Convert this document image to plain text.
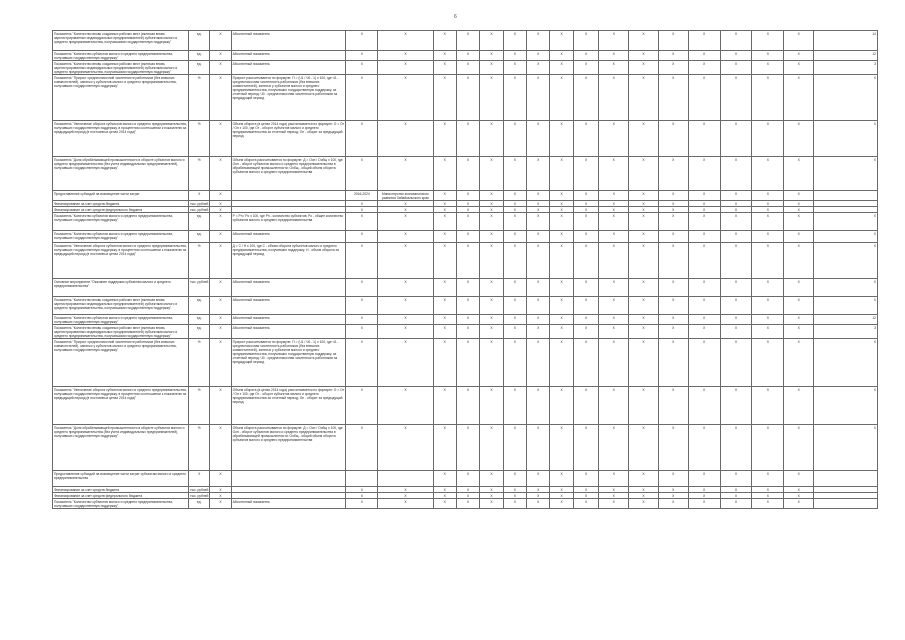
6
Показатель "Количество вновь созданных рабочих мест (включая вновь зарегистрированных индивидуальных предпринимателей) субъектами малого и среднего предпринимательства, получившими государственную поддержку"	ед.	X	Абсолютный показатель	X	X	X	X	X	X	X	X	X	X	X	X	X	X	X	X	14
Показатель "Количество субъектов малого и среднего предпринимательства, получивших государственную поддержку"	ед.	X	Абсолютный показатель	X	X	X	X	X	X	X	X	X	X	X	X	X	X	X	X	12
Показатель "Количество вновь созданных рабочих мест (включая вновь зарегистрированных индивидуальных предпринимателей) субъектами малого и среднего предпринимательства, получившими государственную поддержку"	ед.	X	Абсолютный показатель	X	X	X	X	X	X	X	X	X	X	X	X	X	X	X	X	3
Показатель "Прирост среднесписочной численности работников (без внешних совместителей), занятых у субъектов малого и среднего предпринимательства, получивших государственную поддержку"	%	X	Прирост рассчитывается по формуле: П = (Ч1 / Ч0 - 1) x 100, где Ч1 - среднесписочная численность работников (без внешних совместителей), занятых у субъектов малого и среднего предпринимательства, получивших государственную поддержку, за отчетный период; Ч0 - среднесписочная численность работников за предыдущий период	X	X	X	X	X	X	X	X	X	X	X	X	X	X	X	X	X
Показатель "Увеличение оборота субъектов малого и среднего предпринимательства, получивших государственную поддержку, в процентном соотношении к показателю за предыдущий период (в постоянных ценах 2014 года)"	%	X	Объем оборота (в ценах 2014 года) рассчитывается по формуле: О = Oт / Oп x 100, где Oт - оборот субъектов малого и среднего предпринимательства за отчетный период; Oп - оборот за предыдущий период	X	X	X	X	X	X	X	X	X	X	X	X	X	X	X	X	X
Показатель "Доля обрабатывающей промышленности в обороте субъектов малого и среднего предпринимательства (без учета индивидуальных предпринимателей), получивших государственную поддержку"	%	X	Объем оборота рассчитывается по формуле: Д = Oоп / Oобщ x 100, где Oоп - оборот субъектов малого и среднего предпринимательства в обрабатывающей промышленности; Oобщ - общий объем оборота субъектов малого и среднего предпринимательства	X	X	X	X	X	X	X	X	X	X	X	X	X	X	X	X	X
Предоставление субсидий на возмещение части затрат	X	X		2016-2024	Министерство экономического развития Забайкальского края	X	X	X	X	X	X	X	X	X	X	X	X	X	X	
Финансирование за счет средств бюджета	тыс. рублей	X		X	X	X	X	X	X	X	X	X	X	X	X	X	X	X	X	
Финансирование за счет средств федерального бюджета	тыс. рублей	X		X	X	X	X	X	X	X	X	X	X	X	X	X	X	X	X	
Показатель "Количество субъектов малого и среднего предпринимательства, получивших государственную поддержку"	ед.	X	Р = Рп / Ро x 100, где Рп - количество субъектов; Ро - общее количество субъектов малого и среднего предпринимательства	X	X	X	X	X	X	X	X	X	X	X	X	X	X	X	X	X
Показатель "Количество субъектов малого и среднего предпринимательства, получивших государственную поддержку"	ед.	X	Абсолютный показатель	X	X	X	X	X	X	X	X	X	X	X	X	X	X	X	X	X
Показатель "Увеличение оборота субъектов малого и среднего предпринимательства, получивших государственную поддержку, в процентном соотношении к показателю за предыдущий период (в постоянных ценах 2014 года)"	%	X	Д = С / Н x 100, где С - объем оборота субъектов малого и среднего предпринимательства, получивших поддержку; Н - объем оборота за предыдущий период	X	X	X	X	X	X	X	X	X	X	X	X	X	X	X	X	X
Основное мероприятие "Оказание поддержки субъектам малого и среднего предпринимательства"	тыс. рублей	X	Абсолютный показатель	X	X	X	X	X	X	X	X	X	X	X	X	X	X	X	X	X
Показатель "Количество вновь созданных рабочих мест (включая вновь зарегистрированных индивидуальных предпринимателей) субъектами малого и среднего предпринимательства, получившими государственную поддержку"	ед.	X	Абсолютный показатель	X	X	X	X	X	X	X	X	X	X	X	X	X	X	X	X	X
Показатель "Количество субъектов малого и среднего предпринимательства, получивших государственную поддержку"	ед.	X	Абсолютный показатель	X	X	X	X	X	X	X	X	X	X	X	X	X	X	X	X	12
Показатель "Количество вновь созданных рабочих мест (включая вновь зарегистрированных индивидуальных предпринимателей) субъектами малого и среднего предпринимательства, получившими государственную поддержку"	ед.	X	Абсолютный показатель	X	X	X	X	X	X	X	X	X	X	X	X	X	X	X	X	3
Показатель "Прирост среднесписочной численности работников (без внешних совместителей), занятых у субъектов малого и среднего предпринимательства, получивших государственную поддержку"	%	X	Прирост рассчитывается по формуле: П = (Ч1 / Ч0 - 1) x 100, где Ч1 - среднесписочная численность работников (без внешних совместителей), занятых у субъектов малого и среднего предпринимательства, получивших государственную поддержку, за отчетный период; Ч0 - среднесписочная численность работников за предыдущий период	X	X	X	X	X	X	X	X	X	X	X	X	X	X	X	X	X
Показатель "Увеличение оборота субъектов малого и среднего предпринимательства, получивших государственную поддержку, в процентном соотношении к показателю за предыдущий период (в постоянных ценах 2014 года)"	%	X	Объем оборота (в ценах 2014 года) рассчитывается по формуле: О = Oт / Oп x 100, где Oт - оборот субъектов малого и среднего предпринимательства за отчетный период; Oп - оборот за предыдущий период	X	X	X	X	X	X	X	X	X	X	X	X	X	X	X	X	X
Показатель "Доля обрабатывающей промышленности в обороте субъектов малого и среднего предпринимательства (без учета индивидуальных предпринимателей), получивших государственную поддержку"	%	X	Объем оборота рассчитывается по формуле: Д = Oоп / Oобщ x 100, где Oоп - оборот субъектов малого и среднего предпринимательства в обрабатывающей промышленности; Oобщ - общий объем оборота субъектов малого и среднего предпринимательства	X	X	X	X	X	X	X	X	X	X	X	X	X	X	X	X	X
Предоставление субсидий на возмещение части затрат субъектам малого и среднего предпринимательства	X	X				X	X	X	X	X	X	X	X	X	X	X	X	X	X	
Финансирование за счет средств бюджета	тыс. рублей	X		X	X	X	X	X	X	X	X	X	X	X	X	X	X	X	X	
Финансирование за счет средств федерального бюджета	тыс. рублей	X		X	X	X	X	X	X	X	X	X	X	X	X	X	X	X	X	
Показатель "Количество субъектов малого и среднего предпринимательства, получивших государственную поддержку"	ед.	X	Абсолютный показатель	X	X	X	X	X	X	X	X	X	X	X	X	X	X	X	X	
